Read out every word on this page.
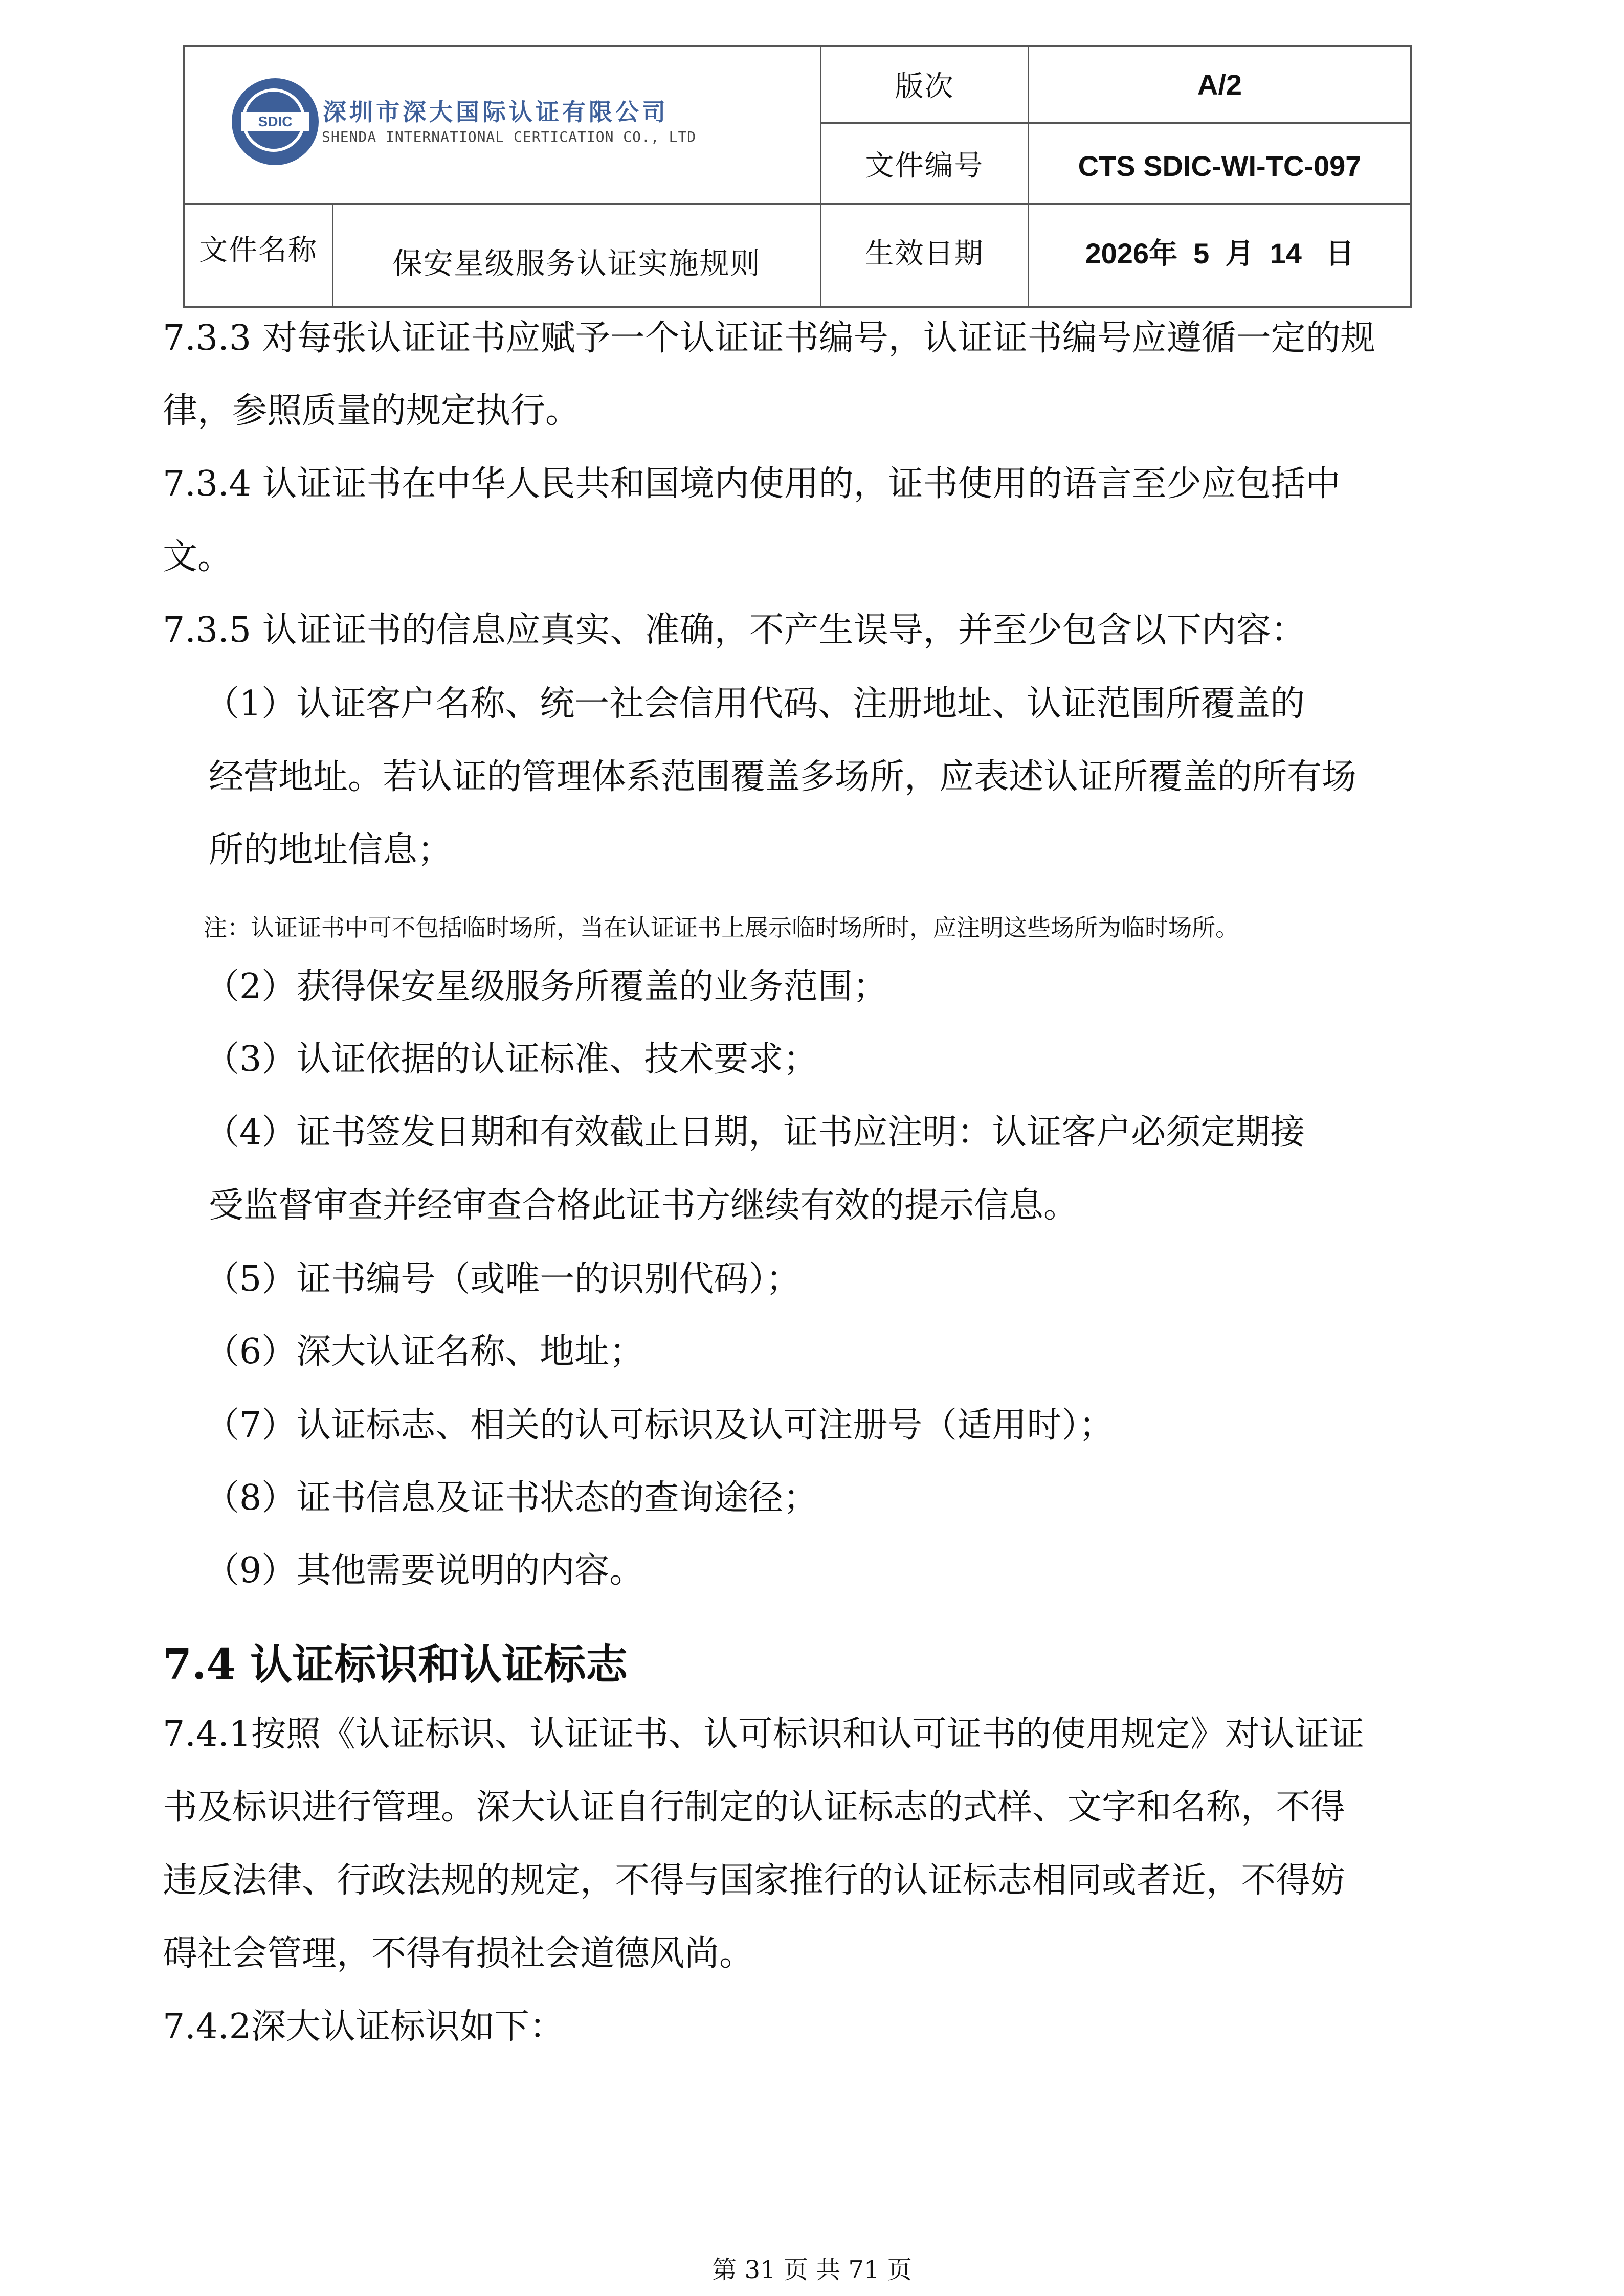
SDIC	深圳市深大国际认证有限公司
SHENDA INTERNATIONAL CERTICATION CO., LTD
版次	A/2
文件编号	CTS SDIC-WI-TC-097
文件名称	保安星级服务认证实施规则	生效日期	2026年  5  月  14   日
7.3.3 对每张认证证书应赋予一个认证证书编号，认证证书编号应遵循一定的规
律，参照质量的规定执行。
7.3.4 认证证书在中华人民共和国境内使用的，证书使用的语言至少应包括中
文。
7.3.5 认证证书的信息应真实、准确，不产生误导，并至少包含以下内容：
（1）认证客户名称、统一社会信用代码、注册地址、认证范围所覆盖的
经营地址。若认证的管理体系范围覆盖多场所，应表述认证所覆盖的所有场
所的地址信息；
注：认证证书中可不包括临时场所，当在认证证书上展示临时场所时，应注明这些场所为临时场所。
（2）获得保安星级服务所覆盖的业务范围；
（3）认证依据的认证标准、技术要求；
（4）证书签发日期和有效截止日期，证书应注明：认证客户必须定期接
受监督审查并经审查合格此证书方继续有效的提示信息。
（5）证书编号（或唯一的识别代码）；
（6）深大认证名称、地址；
（7）认证标志、相关的认可标识及认可注册号（适用时）；
（8）证书信息及证书状态的查询途径；
（9）其他需要说明的内容。
7.4 认证标识和认证标志
7.4.1按照《认证标识、认证证书、认可标识和认可证书的使用规定》对认证证
书及标识进行管理。深大认证自行制定的认证标志的式样、文字和名称，不得
违反法律、行政法规的规定，不得与国家推行的认证标志相同或者近，不得妨
碍社会管理，不得有损社会道德风尚。
7.4.2深大认证标识如下：
第 31 页 共 71 页
